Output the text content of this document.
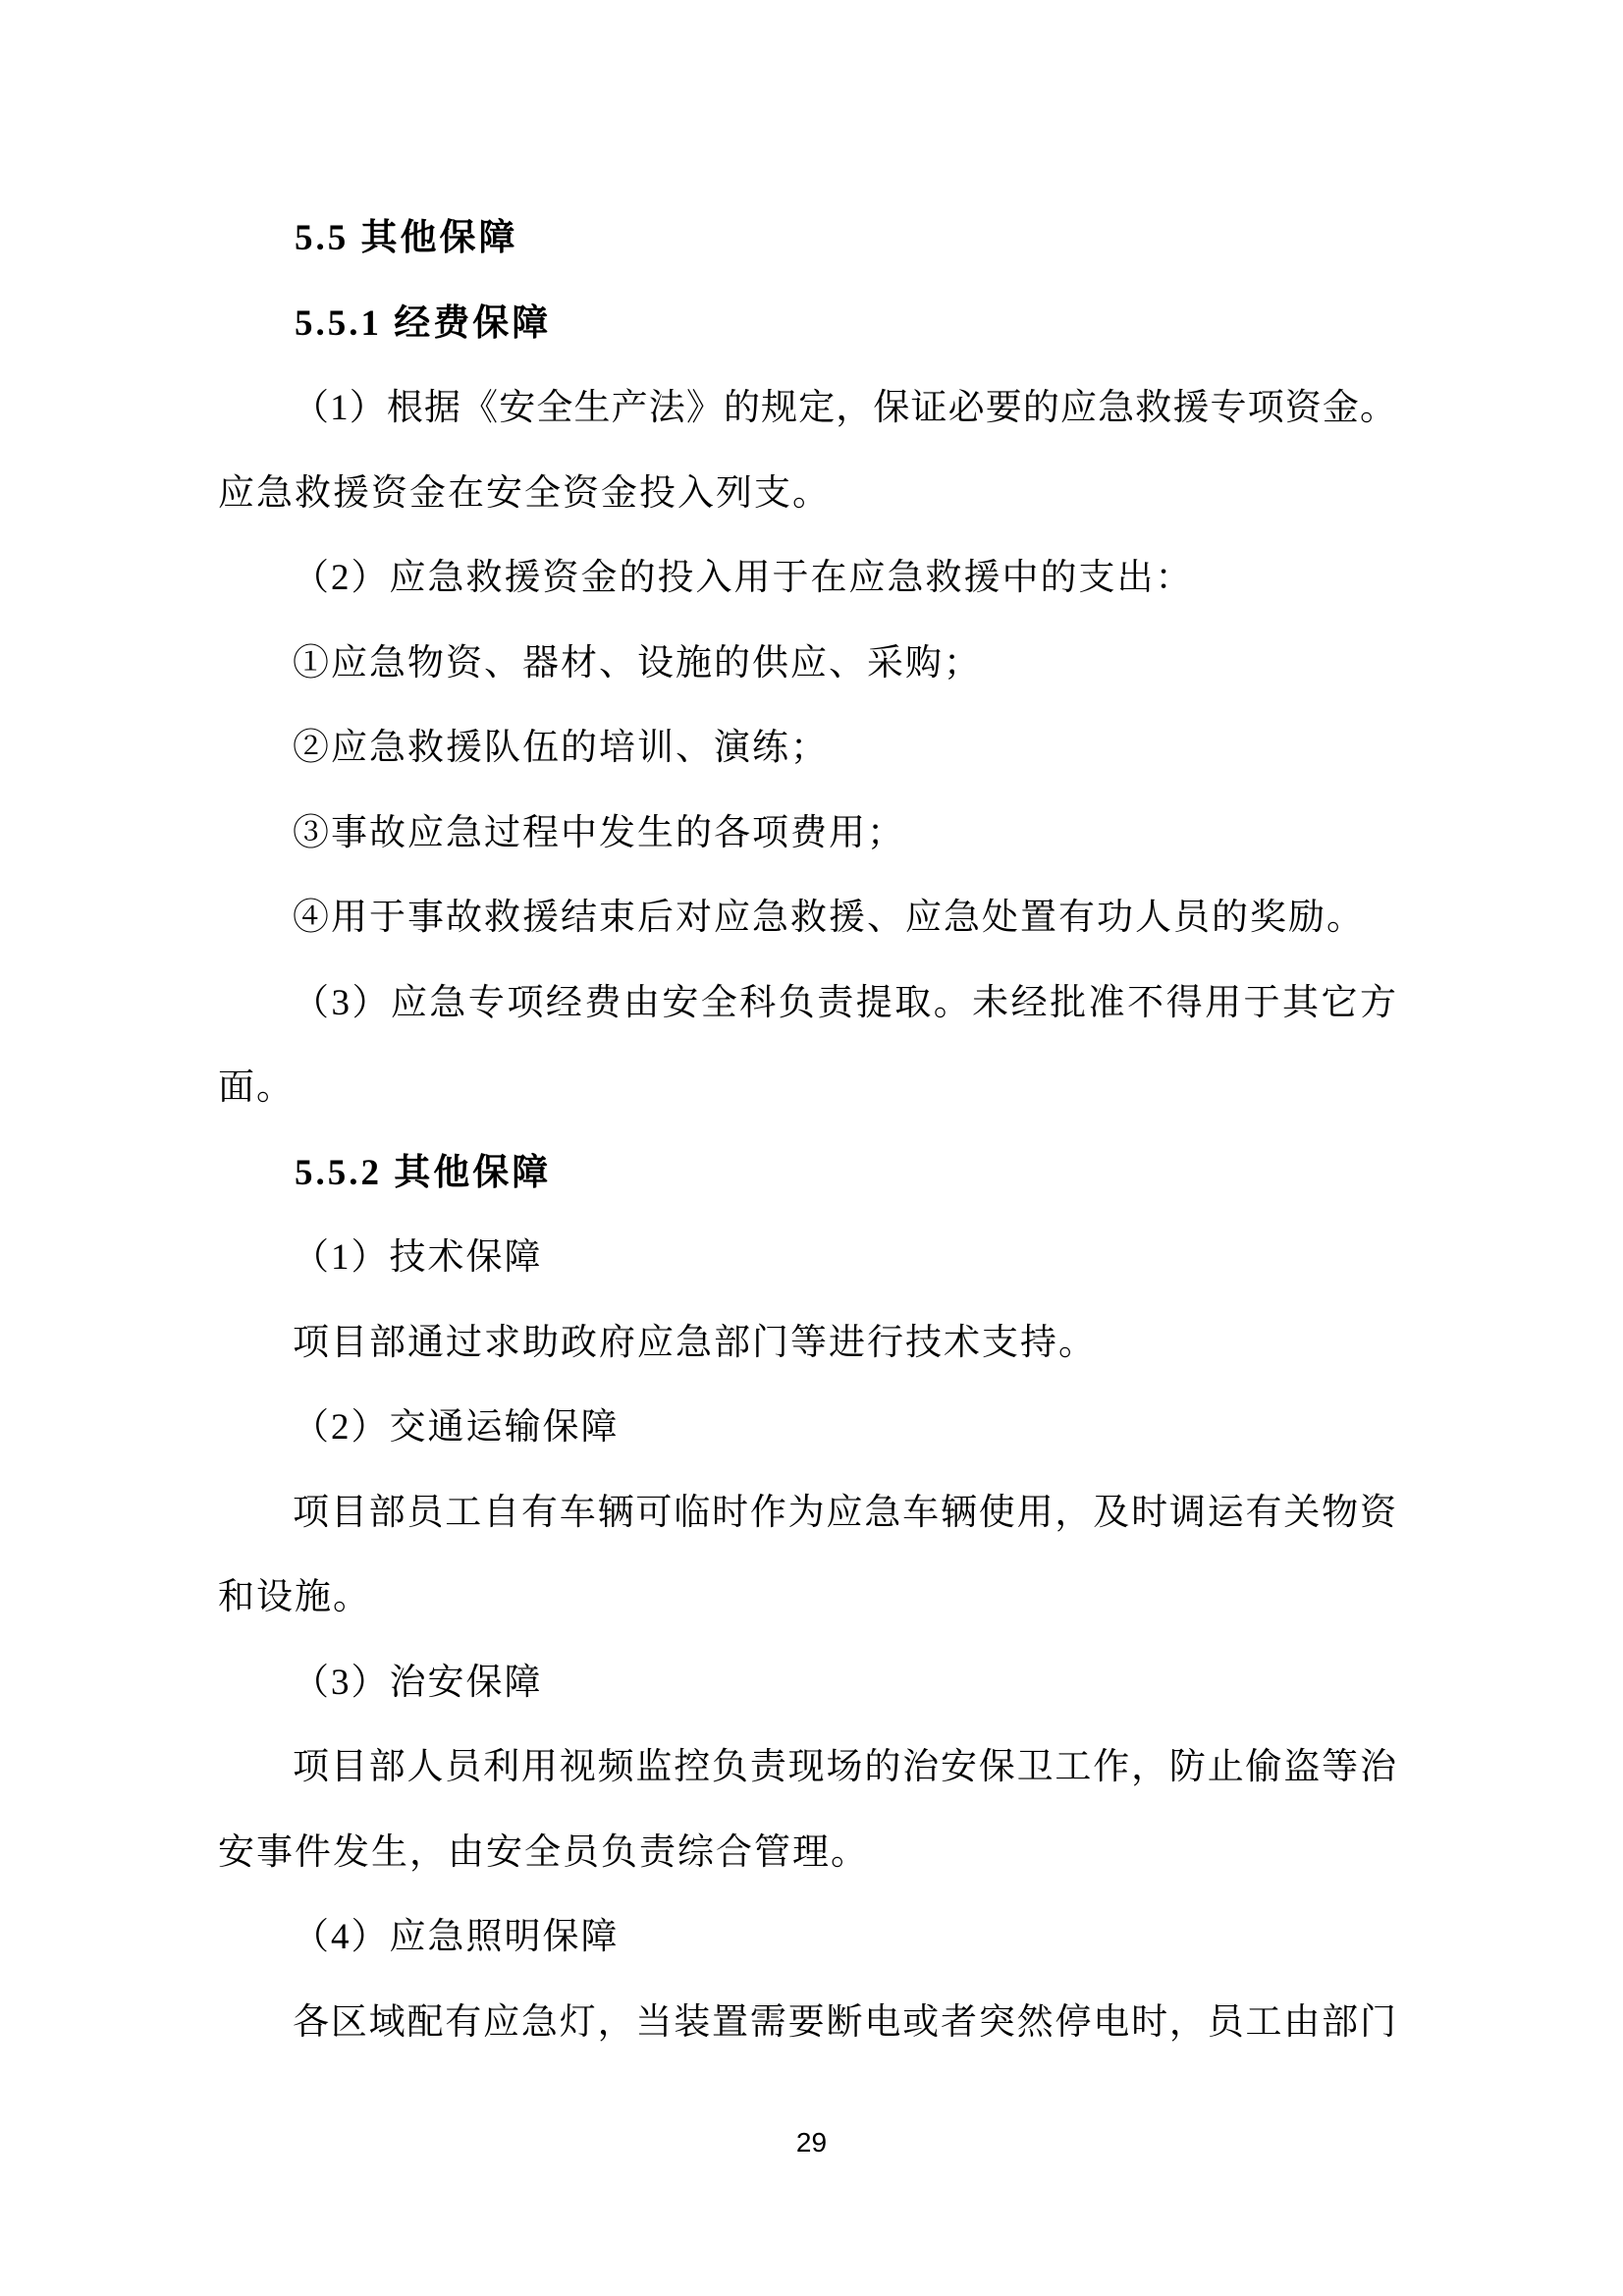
5.5 其他保障
5.5.1 经费保障
（1）根据《安全生产法》的规定，保证必要的应急救援专项资金。
应急救援资金在安全资金投入列支。
（2）应急救援资金的投入用于在应急救援中的支出：
①应急物资、器材、设施的供应、采购；
②应急救援队伍的培训、演练；
③事故应急过程中发生的各项费用；
④用于事故救援结束后对应急救援、应急处置有功人员的奖励。
（3）应急专项经费由安全科负责提取。未经批准不得用于其它方
面。
5.5.2 其他保障
（1）技术保障
项目部通过求助政府应急部门等进行技术支持。
（2）交通运输保障
项目部员工自有车辆可临时作为应急车辆使用，及时调运有关物资
和设施。
（3）治安保障
项目部人员利用视频监控负责现场的治安保卫工作，防止偷盗等治
安事件发生，由安全员负责综合管理。
（4）应急照明保障
各区域配有应急灯，当装置需要断电或者突然停电时，员工由部门
29
